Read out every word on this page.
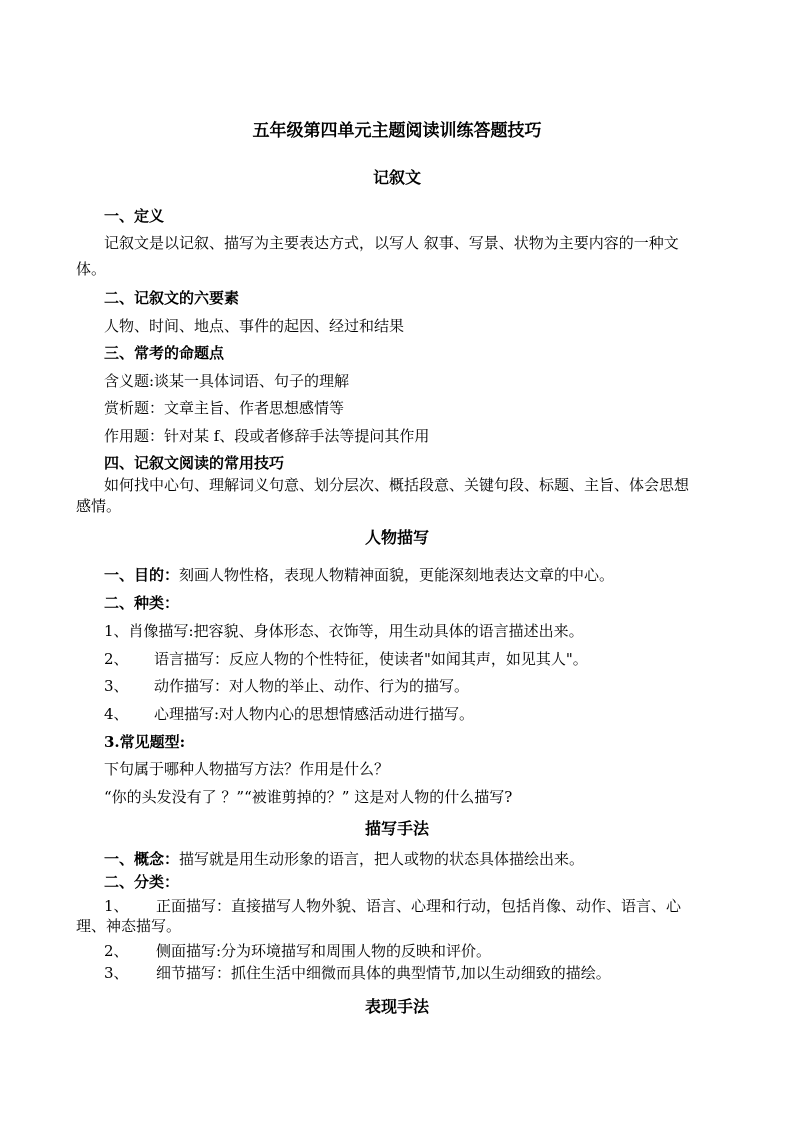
五年级第四单元主题阅读训练答题技巧
记叙文
一、定义
记叙文是以记叙、描写为主要表达方式，以写人 叙事、写景、状物为主要内容的一种文
体。
二、记叙文的六要素
人物、时间、地点、事件的起因、经过和结果
三、常考的命题点
含义题:谈某一具体词语、句子的理解
赏析题：文章主旨、作者思想感情等
作用题：针对某 f、段或者修辞手法等提问其作用
四、记叙文阅读的常用技巧
如何找中心句、理解词义句意、划分层次、概括段意、关键句段、标题、主旨、体会思想
感情。
人物描写
一、目的：刻画人物性格，表现人物精神面貌，更能深刻地表达文章的中心。
二、种类：
1、肖像描写:把容貌、身体形态、衣饰等，用生动具体的语言描述出来。
2、 语言描写：反应人物的个性特征，使读者"如闻其声，如见其人"。
3、 动作描写：对人物的举止、动作、行为的描写。
4、 心理描写:对人物内心的思想情感活动进行描写。
3.常见题型:
下句属于哪种人物描写方法？作用是什么？
“你的头发没有了 ？”“被谁剪掉的？” 这是对人物的什么描写?
描写手法
一、概念：描写就是用生动形象的语言，把人或物的状态具体描绘出来。
二、分类：
1、 正面描写：直接描写人物外貌、语言、心理和行动，包括肖像、动作、语言、心
理、神态描写。
2、 侧面描写:分为环境描写和周围人物的反映和评价。
3、 细节描写：抓住生活中细微而具体的典型情节,加以生动细致的描绘。
表现手法
